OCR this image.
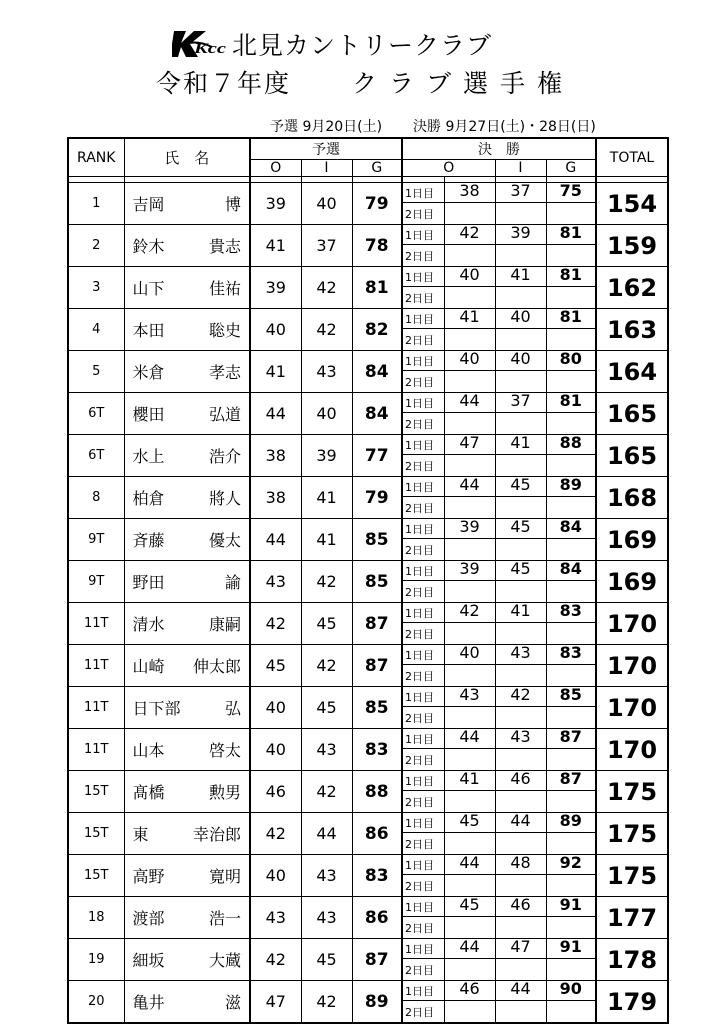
Kcc 北見カントリークラブ
令和７年度 クラブ選手権
予選 9月20日(土) 決勝 9月27日(土)・28日(日)
RANK	氏　名	予選			決　勝				TOTAL
		O	I	G	O		I	G	

1	吉岡 博	39	40	79	1日目	38	37	75	154
					2日目				
2	鈴木 貴志	41	37	78	1日目	42	39	81	159
					2日目				
3	山下 佳祐	39	42	81	1日目	40	41	81	162
					2日目				
4	本田 聡史	40	42	82	1日目	41	40	81	163
					2日目				
5	米倉 孝志	41	43	84	1日目	40	40	80	164
					2日目				
6T	櫻田 弘道	44	40	84	1日目	44	37	81	165
					2日目				
6T	水上 浩介	38	39	77	1日目	47	41	88	165
					2日目				
8	柏倉 將人	38	41	79	1日目	44	45	89	168
					2日目				
9T	斉藤 優太	44	41	85	1日目	39	45	84	169
					2日目				
9T	野田 諭	43	42	85	1日目	39	45	84	169
					2日目				
11T	清水 康嗣	42	45	87	1日目	42	41	83	170
					2日目				
11T	山崎 伸太郎	45	42	87	1日目	40	43	83	170
					2日目				
11T	日下部 弘	40	45	85	1日目	43	42	85	170
					2日目				
11T	山本 啓太	40	43	83	1日目	44	43	87	170
					2日目				
15T	髙橋 勲男	46	42	88	1日目	41	46	87	175
					2日目				
15T	東 幸治郎	42	44	86	1日目	45	44	89	175
					2日目				
15T	高野 寛明	40	43	83	1日目	44	48	92	175
					2日目				
18	渡部 浩一	43	43	86	1日目	45	46	91	177
					2日目				
19	細坂 大蔵	42	45	87	1日目	44	47	91	178
					2日目				
20	亀井 滋	47	42	89	1日目	46	44	90	179
					2日目				
